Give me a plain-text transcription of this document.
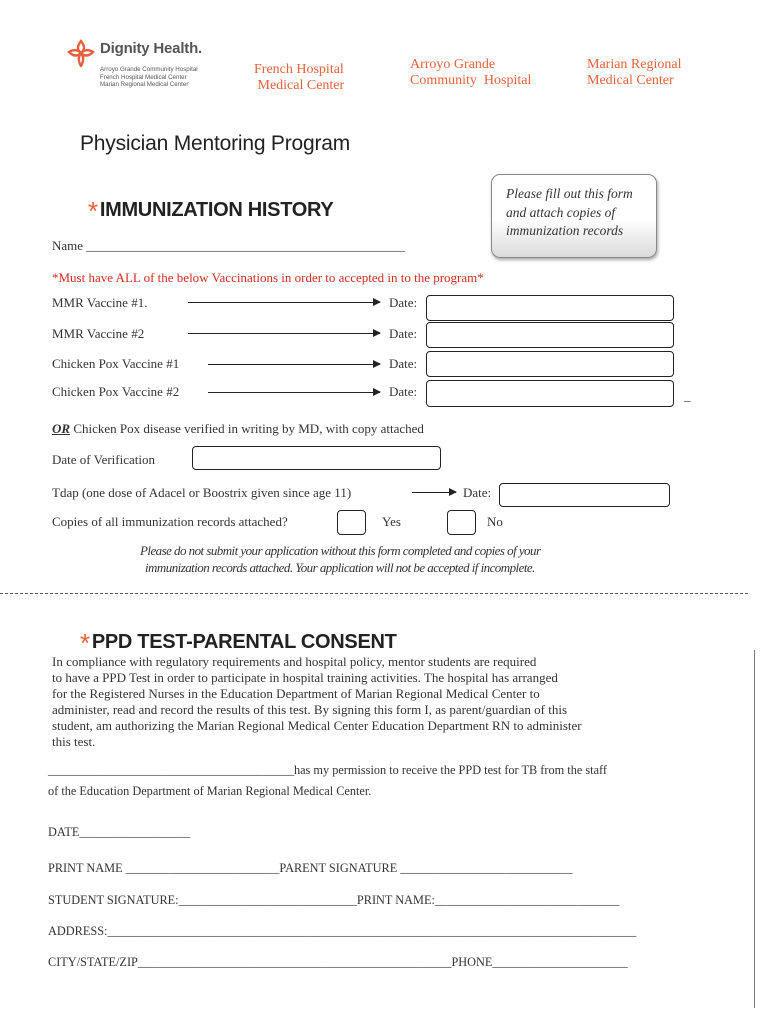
Dignity Health.
Arroyo Grande Community Hospital
French Hospital Medical Center
Marian Regional Medical Center
French Hospital
Medical Center
Arroyo Grande
Community  Hospital
Marian Regional
Medical Center
Physician Mentoring Program
* IMMUNIZATION HISTORY
Please fill out this form and attach copies of immunization records
Name _________________________________________________
*Must have ALL of the below Vaccinations in order to accepted in to the program*
MMR Vaccine #1.	Date:
MMR Vaccine #2	Date:
Chicken Pox Vaccine #1	Date:
Chicken Pox Vaccine #2	Date:	_
OR Chicken Pox disease verified in writing by MD, with copy attached
Date of Verification
Tdap (one dose of Adacel or Boostrix given since age 11)	Date:
Copies of all immunization records attached?	Yes	No
Please do not submit your application without this form completed and copies of your
immunization records attached. Your application will not be accepted if incomplete.
* PPD TEST-PARENTAL CONSENT
In compliance with regulatory requirements and hospital policy, mentor students are required
to have a PPD Test in order to participate in hospital training activities. The hospital has arranged
for the Registered Nurses in the Education Department of Marian Regional Medical Center to
administer, read and record the results of this test. By signing this form I, as parent/guardian of this
student, am authorizing the Marian Regional Medical Center Education Department RN to administer
this test.
________________________________________has my permission to receive the PPD test for TB from the staff
of the Education Department of Marian Regional Medical Center.
DATE__________________
PRINT NAME _________________________PARENT SIGNATURE ____________________________
STUDENT SIGNATURE:_____________________________PRINT NAME:______________________________
ADDRESS:______________________________________________________________________________________
CITY/STATE/ZIP___________________________________________________PHONE______________________
